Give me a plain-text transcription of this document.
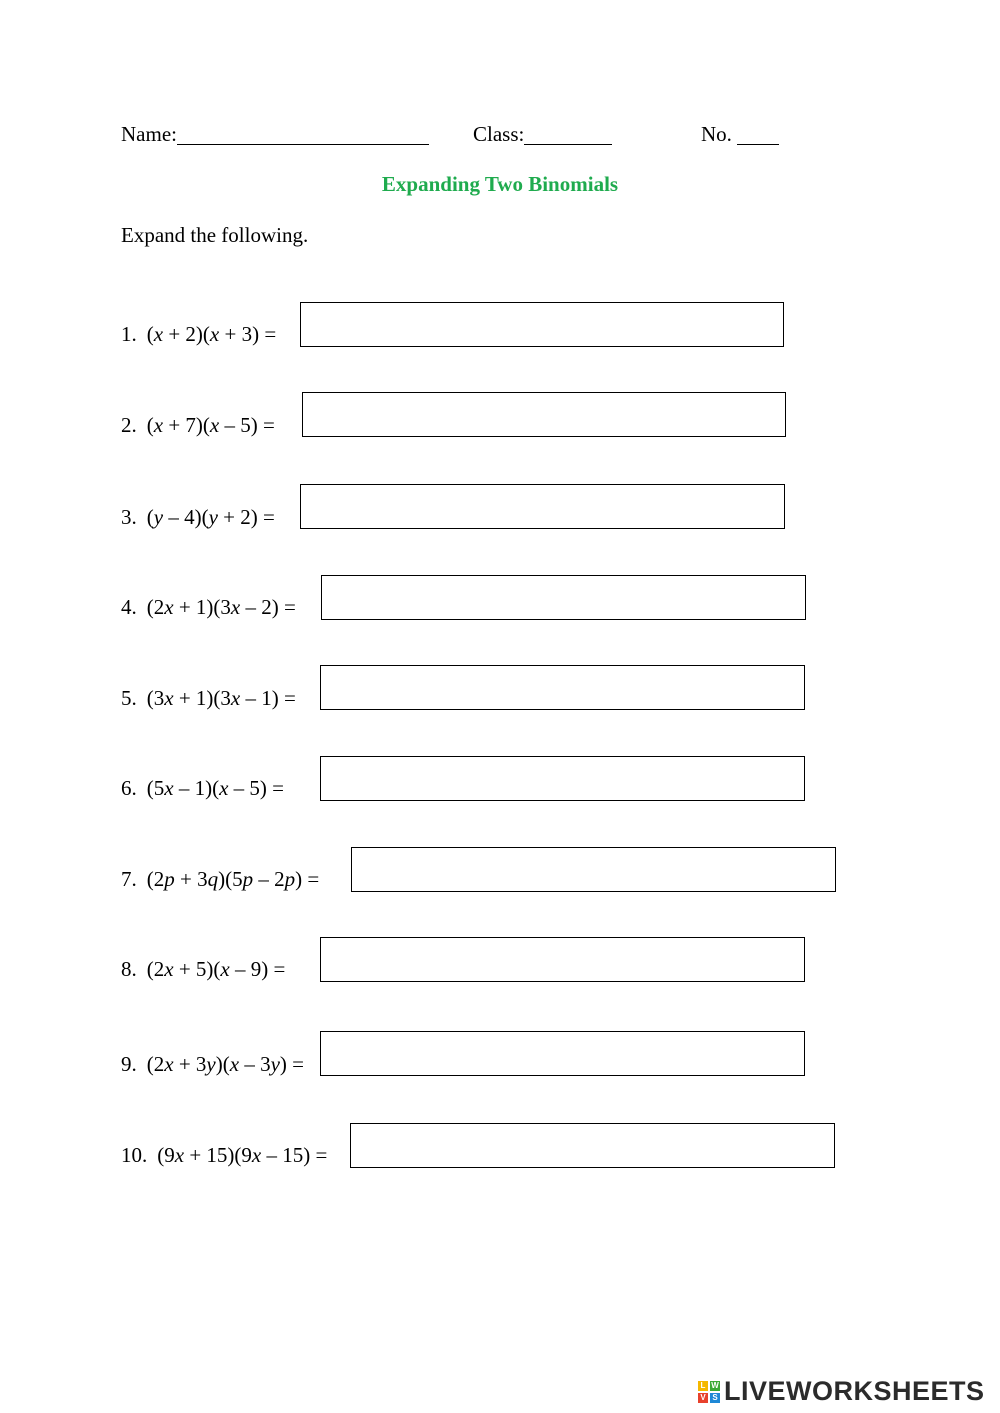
Name:	Class:	No.
Expanding Two Binomials
Expand the following.
1. (x + 2)(x + 3) =
2. (x + 7)(x – 5) =
3. (y – 4)(y + 2) =
4. (2x + 1)(3x – 2) =
5. (3x + 1)(3x – 1) =
6. (5x – 1)(x – 5) =
7. (2p + 3q)(5p – 2p) =
8. (2x + 5)(x – 9) =
9. (2x + 3y)(x – 3y) =
10. (9x + 15)(9x – 15) =
L W
V S LIVEWORKSHEETS
